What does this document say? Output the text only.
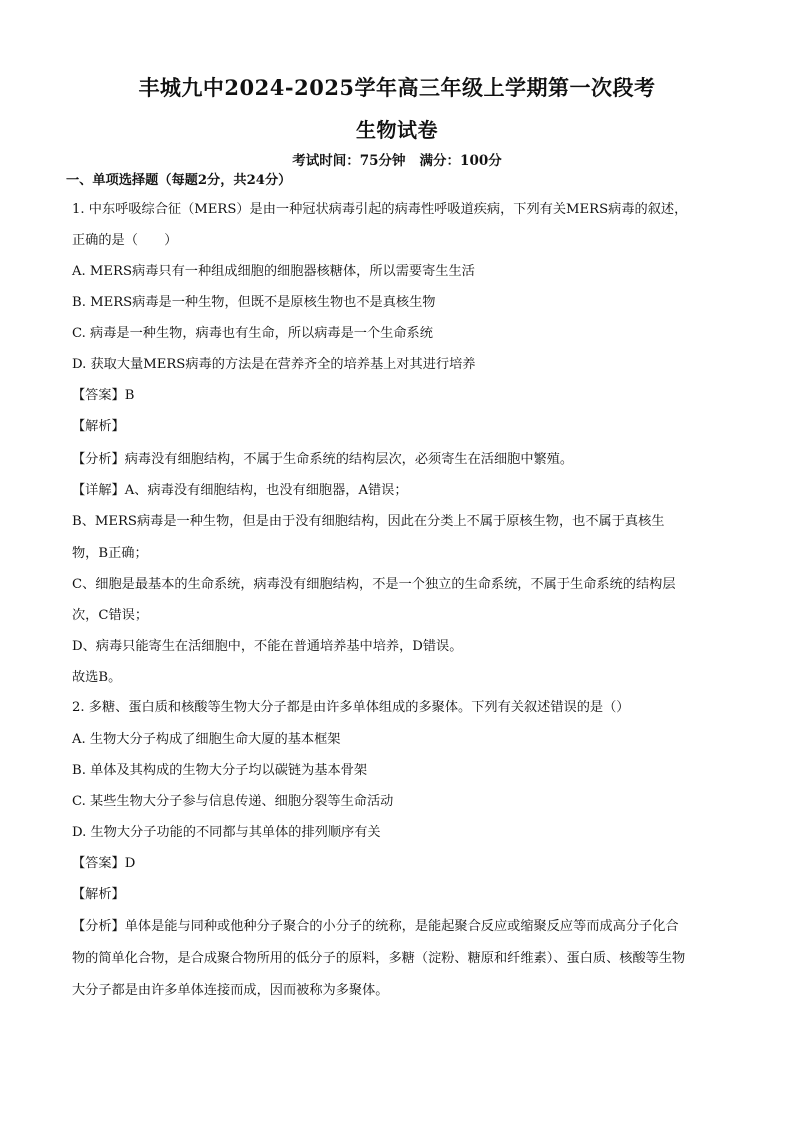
丰城九中2024-2025学年高三年级上学期第一次段考
生物试卷
考试时间：75分钟 满分：100分
一、单项选择题（每题2分，共24分）
1. 中东呼吸综合征（MERS）是由一种冠状病毒引起的病毒性呼吸道疾病，下列有关MERS病毒的叙述，
正确的是（　　）
A. MERS病毒只有一种组成细胞的细胞器核糖体，所以需要寄生生活
B. MERS病毒是一种生物，但既不是原核生物也不是真核生物
C. 病毒是一种生物，病毒也有生命，所以病毒是一个生命系统
D. 获取大量MERS病毒的方法是在营养齐全的培养基上对其进行培养
【答案】B
【解析】
【分析】病毒没有细胞结构，不属于生命系统的结构层次，必须寄生在活细胞中繁殖。
【详解】A、病毒没有细胞结构，也没有细胞器，A错误；
B、MERS病毒是一种生物，但是由于没有细胞结构，因此在分类上不属于原核生物，也不属于真核生
物，B正确；
C、细胞是最基本的生命系统，病毒没有细胞结构，不是一个独立的生命系统，不属于生命系统的结构层
次，C错误；
D、病毒只能寄生在活细胞中，不能在普通培养基中培养，D错误。
故选B。
2. 多糖、蛋白质和核酸等生物大分子都是由许多单体组成的多聚体。下列有关叙述错误的是（）
A. 生物大分子构成了细胞生命大厦的基本框架
B. 单体及其构成的生物大分子均以碳链为基本骨架
C. 某些生物大分子参与信息传递、细胞分裂等生命活动
D. 生物大分子功能的不同都与其单体的排列顺序有关
【答案】D
【解析】
【分析】单体是能与同种或他种分子聚合的小分子的统称，是能起聚合反应或缩聚反应等而成高分子化合
物的简单化合物，是合成聚合物所用的低分子的原料，多糖（淀粉、糖原和纤维素）、蛋白质、核酸等生物
大分子都是由许多单体连接而成，因而被称为多聚体。
